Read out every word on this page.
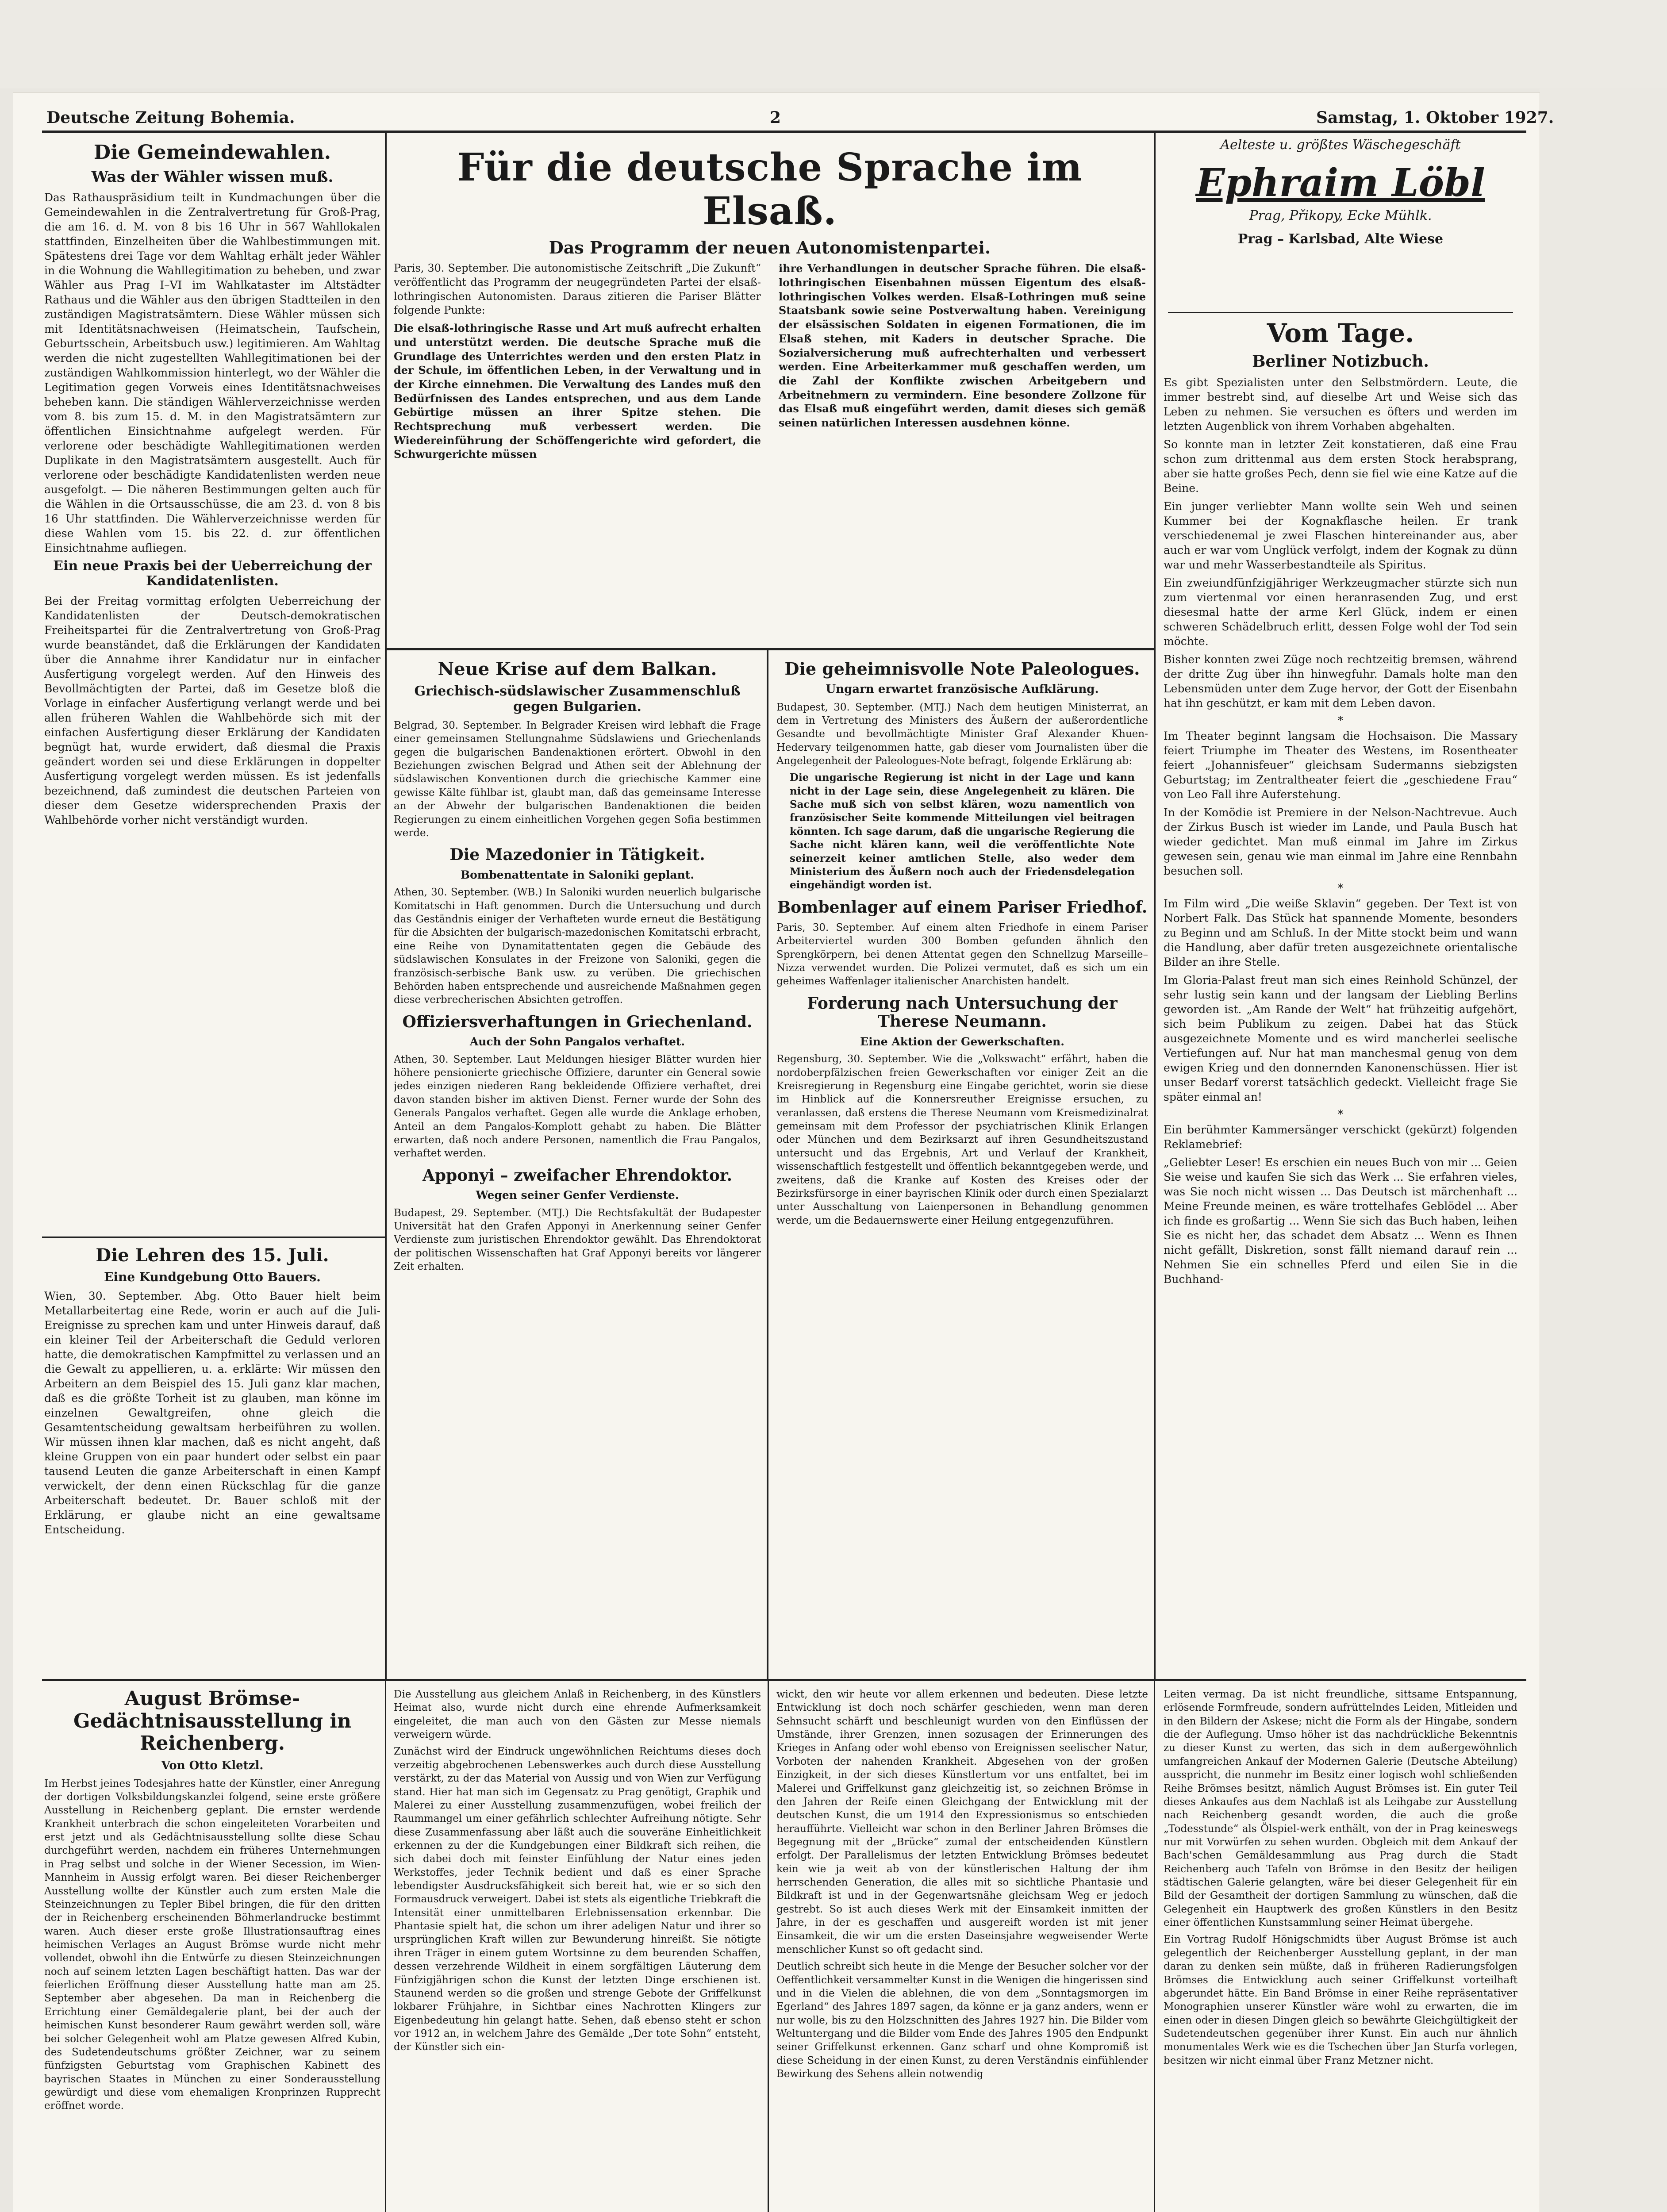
Deutsche Zeitung Bohemia.	2	Samstag, 1. Oktober 1927.
Die Gemeindewahlen.
Was der Wähler wissen muß.

Das Rathauspräsidium teilt in Kundmachungen über die Gemeindewahlen in die Zentralvertretung für Groß-Prag, die am 16. d. M. von 8 bis 16 Uhr in 567 Wahllokalen stattfinden, Einzelheiten über die Wahlbestimmungen mit. Spätestens drei Tage vor dem Wahltag erhält jeder Wähler in die Wohnung die Wahllegitimation zu beheben, und zwar Wähler aus Prag I–VI im Wahlkataster im Altstädter Rathaus und die Wähler aus den übrigen Stadtteilen in den zuständigen Magistratsämtern. Diese Wähler müssen sich mit Identitätsnachweisen (Heimatschein, Taufschein, Geburtsschein, Arbeitsbuch usw.) legitimieren. Am Wahltag werden die nicht zugestellten Wahllegitimationen bei der zuständigen Wahlkommission hinterlegt, wo der Wähler die Legitimation gegen Vorweis eines Identitätsnachweises beheben kann. Die ständigen Wählerverzeichnisse werden vom 8. bis zum 15. d. M. in den Magistratsämtern zur öffentlichen Einsichtnahme aufgelegt werden. Für verlorene oder beschädigte Wahllegitimationen werden Duplikate in den Magistratsämtern ausgestellt. Auch für verlorene oder beschädigte Kandidatenlisten werden neue ausgefolgt. — Die näheren Bestimmungen gelten auch für die Wählen in die Ortsausschüsse, die am 23. d. von 8 bis 16 Uhr stattfinden. Die Wählerverzeichnisse werden für diese Wahlen vom 15. bis 22. d. zur öffentlichen Einsichtnahme aufliegen.

Ein neue Praxis bei der Ueberreichung der Kandidatenlisten.

Bei der Freitag vormittag erfolgten Ueberreichung der Kandidatenlisten der Deutsch-demokratischen Freiheitspartei für die Zentralvertretung von Groß-Prag wurde beanständet, daß die Erklärungen der Kandidaten über die Annahme ihrer Kandidatur nur in einfacher Ausfertigung vorgelegt werden. Auf den Hinweis des Bevollmächtigten der Partei, daß im Gesetze bloß die Vorlage in einfacher Ausfertigung verlangt werde und bei allen früheren Wahlen die Wahlbehörde sich mit der einfachen Ausfertigung dieser Erklärung der Kandidaten begnügt hat, wurde erwidert, daß diesmal die Praxis geändert worden sei und diese Erklärungen in doppelter Ausfertigung vorgelegt werden müssen. Es ist jedenfalls bezeichnend, daß zumindest die deutschen Parteien von dieser dem Gesetze widersprechenden Praxis der Wahlbehörde vorher nicht verständigt wurden.

Die Lehren des 15. Juli.
Eine Kundgebung Otto Bauers.

Wien, 30. September. Abg. Otto Bauer hielt beim Metallarbeitertag eine Rede, worin er auch auf die Juli-Ereignisse zu sprechen kam und unter Hinweis darauf, daß ein kleiner Teil der Arbeiterschaft die Geduld verloren hatte, die demokratischen Kampfmittel zu verlassen und an die Gewalt zu appellieren, u. a. erklärte: Wir müssen den Arbeitern an dem Beispiel des 15. Juli ganz klar machen, daß es die größte Torheit ist zu glauben, man könne im einzelnen Gewaltgreifen, ohne gleich die Gesamtentscheidung gewaltsam herbeiführen zu wollen. Wir müssen ihnen klar machen, daß es nicht angeht, daß kleine Gruppen von ein paar hundert oder selbst ein paar tausend Leuten die ganze Arbeiterschaft in einen Kampf verwickelt, der denn einen Rückschlag für die ganze Arbeiterschaft bedeutet. Dr. Bauer schloß mit der Erklärung, er glaube nicht an eine gewaltsame Entscheidung.

Für die deutsche Sprache im Elsaß.
Das Programm der neuen Autonomistenpartei.

Paris, 30. September. Die autonomistische Zeitschrift „Die Zukunft“ veröffentlicht das Programm der neugegründeten Partei der elsaß-lothringischen Autonomisten. Daraus zitieren die Pariser Blätter folgende Punkte:

Die elsaß-lothringische Rasse und Art muß aufrecht erhalten und unterstützt werden. Die deutsche Sprache muß die Grundlage des Unterrichtes werden und den ersten Platz in der Schule, im öffentlichen Leben, in der Verwaltung und in der Kirche einnehmen. Die Verwaltung des Landes muß den Bedürfnissen des Landes entsprechen, und aus dem Lande Gebürtige müssen an ihrer Spitze stehen. Die Rechtsprechung muß verbessert werden. Die Wiedereinführung der Schöffengerichte wird gefordert, die Schwurgerichte müssen

ihre Verhandlungen in deutscher Sprache führen. Die elsaß-lothringischen Eisenbahnen müssen Eigentum des elsaß-lothringischen Volkes werden. Elsaß-Lothringen muß seine Staatsbank sowie seine Postverwaltung haben. Vereinigung der elsässischen Soldaten in eigenen Formationen, die im Elsaß stehen, mit Kaders in deutscher Sprache. Die Sozialversicherung muß aufrechterhalten und verbessert werden. Eine Arbeiterkammer muß geschaffen werden, um die Zahl der Konflikte zwischen Arbeitgebern und Arbeitnehmern zu vermindern. Eine besondere Zollzone für das Elsaß muß eingeführt werden, damit dieses sich gemäß seinen natürlichen Interessen ausdehnen könne.

Neue Krise auf dem Balkan.
Griechisch-südslawischer Zusammenschluß gegen Bulgarien.

Belgrad, 30. September. In Belgrader Kreisen wird lebhaft die Frage einer gemeinsamen Stellungnahme Südslawiens und Griechenlands gegen die bulgarischen Bandenaktionen erörtert. Obwohl in den Beziehungen zwischen Belgrad und Athen seit der Ablehnung der südslawischen Konventionen durch die griechische Kammer eine gewisse Kälte fühlbar ist, glaubt man, daß das gemeinsame Interesse an der Abwehr der bulgarischen Bandenaktionen die beiden Regierungen zu einem einheitlichen Vorgehen gegen Sofia bestimmen werde.

Die Mazedonier in Tätigkeit.
Bombenattentate in Saloniki geplant.

Athen, 30. September. (WB.) In Saloniki wurden neuerlich bulgarische Komitatschi in Haft genommen. Durch die Untersuchung und durch das Geständnis einiger der Verhafteten wurde erneut die Bestätigung für die Absichten der bulgarisch-mazedonischen Komitatschi erbracht, eine Reihe von Dynamitattentaten gegen die Gebäude des südslawischen Konsulates in der Freizone von Saloniki, gegen die französisch-serbische Bank usw. zu verüben. Die griechischen Behörden haben entsprechende und ausreichende Maßnahmen gegen diese verbrecherischen Absichten getroffen.

Offiziersverhaftungen in Griechenland.
Auch der Sohn Pangalos verhaftet.

Athen, 30. September. Laut Meldungen hiesiger Blätter wurden hier höhere pensionierte griechische Offiziere, darunter ein General sowie jedes einzigen niederen Rang bekleidende Offiziere verhaftet, drei davon standen bisher im aktiven Dienst. Ferner wurde der Sohn des Generals Pangalos verhaftet. Gegen alle wurde die Anklage erhoben, Anteil an dem Pangalos-Komplott gehabt zu haben. Die Blätter erwarten, daß noch andere Personen, namentlich die Frau Pangalos, verhaftet werden.

Apponyi – zweifacher Ehrendoktor.
Wegen seiner Genfer Verdienste.

Budapest, 29. September. (MTJ.) Die Rechtsfakultät der Budapester Universität hat den Grafen Apponyi in Anerkennung seiner Genfer Verdienste zum juristischen Ehrendoktor gewählt. Das Ehrendoktorat der politischen Wissenschaften hat Graf Apponyi bereits vor längerer Zeit erhalten.

Die geheimnisvolle Note Paleologues.
Ungarn erwartet französische Aufklärung.

Budapest, 30. September. (MTJ.) Nach dem heutigen Ministerrat, an dem in Vertretung des Ministers des Äußern der außerordentliche Gesandte und bevollmächtigte Minister Graf Alexander Khuen-Hedervary teilgenommen hatte, gab dieser vom Journalisten über die Angelegenheit der Paleologues-Note befragt, folgende Erklärung ab:

Die ungarische Regierung ist nicht in der Lage und kann nicht in der Lage sein, diese Angelegenheit zu klären. Die Sache muß sich von selbst klären, wozu namentlich von französischer Seite kommende Mitteilungen viel beitragen könnten. Ich sage darum, daß die ungarische Regierung die Sache nicht klären kann, weil die veröffentlichte Note seinerzeit keiner amtlichen Stelle, also weder dem Ministerium des Äußern noch auch der Friedensdelegation eingehändigt worden ist.

Bombenlager auf einem Pariser Friedhof.

Paris, 30. September. Auf einem alten Friedhofe in einem Pariser Arbeiterviertel wurden 300 Bomben gefunden ähnlich den Sprengkörpern, bei denen Attentat gegen den Schnellzug Marseille–Nizza verwendet wurden. Die Polizei vermutet, daß es sich um ein geheimes Waffenlager italienischer Anarchisten handelt.

Forderung nach Untersuchung der Therese Neumann.
Eine Aktion der Gewerkschaften.

Regensburg, 30. September. Wie die „Volkswacht“ erfährt, haben die nordoberpfälzischen freien Gewerkschaften vor einiger Zeit an die Kreisregierung in Regensburg eine Eingabe gerichtet, worin sie diese im Hinblick auf die Konnersreuther Ereignisse ersuchen, zu veranlassen, daß erstens die Therese Neumann vom Kreismedizinalrat gemeinsam mit dem Professor der psychiatrischen Klinik Erlangen oder München und dem Bezirksarzt auf ihren Gesundheitszustand untersucht und das Ergebnis, Art und Verlauf der Krankheit, wissenschaftlich festgestellt und öffentlich bekanntgegeben werde, und zweitens, daß die Kranke auf Kosten des Kreises oder der Bezirksfürsorge in einer bayrischen Klinik oder durch einen Spezialarzt unter Ausschaltung von Laienpersonen in Behandlung genommen werde, um die Bedauernswerte einer Heilung entgegenzuführen.

Aelteste u. größtes Wäschegeschäft
Ephraim Löbl
Prag, Přikopy, Ecke Mühlk.
Prag – Karlsbad, Alte Wiese
Vom Tage.
Berliner Notizbuch.

Es gibt Spezialisten unter den Selbstmördern. Leute, die immer bestrebt sind, auf dieselbe Art und Weise sich das Leben zu nehmen. Sie versuchen es öfters und werden im letzten Augenblick von ihrem Vorhaben abgehalten.

So konnte man in letzter Zeit konstatieren, daß eine Frau schon zum drittenmal aus dem ersten Stock herabsprang, aber sie hatte großes Pech, denn sie fiel wie eine Katze auf die Beine.

Ein junger verliebter Mann wollte sein Weh und seinen Kummer bei der Kognakflasche heilen. Er trank verschiedenemal je zwei Flaschen hintereinander aus, aber auch er war vom Unglück verfolgt, indem der Kognak zu dünn war und mehr Wasserbestandteile als Spiritus.

Ein zweiundfünfzigjähriger Werkzeugmacher stürzte sich nun zum viertenmal vor einen heranrasenden Zug, und erst diesesmal hatte der arme Kerl Glück, indem er einen schweren Schädelbruch erlitt, dessen Folge wohl der Tod sein möchte.

Bisher konnten zwei Züge noch rechtzeitig bremsen, während der dritte Zug über ihn hinwegfuhr. Damals holte man den Lebensmüden unter dem Zuge hervor, der Gott der Eisenbahn hat ihn geschützt, er kam mit dem Leben davon.

*

Im Theater beginnt langsam die Hochsaison. Die Massary feiert Triumphe im Theater des Westens, im Rosentheater feiert „Johannisfeuer“ gleichsam Sudermanns siebzigsten Geburtstag; im Zentraltheater feiert die „geschiedene Frau“ von Leo Fall ihre Auferstehung.

In der Komödie ist Premiere in der Nelson-Nachtrevue. Auch der Zirkus Busch ist wieder im Lande, und Paula Busch hat wieder gedichtet. Man muß einmal im Jahre im Zirkus gewesen sein, genau wie man einmal im Jahre eine Rennbahn besuchen soll.

*

Im Film wird „Die weiße Sklavin“ gegeben. Der Text ist von Norbert Falk. Das Stück hat spannende Momente, besonders zu Beginn und am Schluß. In der Mitte stockt beim und wann die Handlung, aber dafür treten ausgezeichnete orientalische Bilder an ihre Stelle.

Im Gloria-Palast freut man sich eines Reinhold Schünzel, der sehr lustig sein kann und der langsam der Liebling Berlins geworden ist. „Am Rande der Welt“ hat frühzeitig aufgehört, sich beim Publikum zu zeigen. Dabei hat das Stück ausgezeichnete Momente und es wird mancherlei seelische Vertiefungen auf. Nur hat man manchesmal genug von dem ewigen Krieg und den donnernden Kanonenschüssen. Hier ist unser Bedarf vorerst tatsächlich gedeckt. Vielleicht frage Sie später einmal an!

*

Ein berühmter Kammersänger verschickt (gekürzt) folgenden Reklamebrief:

„Geliebter Leser! Es erschien ein neues Buch von mir ... Geien Sie weise und kaufen Sie sich das Werk ... Sie erfahren vieles, was Sie noch nicht wissen ... Das Deutsch ist märchenhaft ... Meine Freunde meinen, es wäre trottelhafes Geblödel ... Aber ich finde es großartig ... Wenn Sie sich das Buch haben, leihen Sie es nicht her, das schadet dem Absatz ... Wenn es Ihnen nicht gefällt, Diskretion, sonst fällt niemand darauf rein ... Nehmen Sie ein schnelles Pferd und eilen Sie in die Buchhand-

August Brömse-Gedächtnisausstellung in Reichenberg.
Von Otto Kletzl.

Im Herbst jeines Todesjahres hatte der Künstler, einer Anregung der dortigen Volksbildungskanzlei folgend, seine erste größere Ausstellung in Reichenberg geplant. Die ernster werdende Krankheit unterbrach die schon eingeleiteten Vorarbeiten und erst jetzt und als Gedächtnisausstellung sollte diese Schau durchgeführt werden, nachdem ein früheres Unternehmungen in Prag selbst und solche in der Wiener Secession, im Wien-Mannheim in Aussig erfolgt waren. Bei dieser Reichenberger Ausstellung wollte der Künstler auch zum ersten Male die Steinzeichnungen zu Tepler Bibel bringen, die für den dritten der in Reichenberg erscheinenden Böhmerlandrucke bestimmt waren. Auch dieser erste große Illustrationsauftrag eines heimischen Verlages an August Brömse wurde nicht mehr vollendet, obwohl ihn die Entwürfe zu diesen Steinzeichnungen noch auf seinem letzten Lagen beschäftigt hatten. Das war der feierlichen Eröffnung dieser Ausstellung hatte man am 25. September aber abgesehen. Da man in Reichenberg die Errichtung einer Gemäldegalerie plant, bei der auch der heimischen Kunst besonderer Raum gewährt werden soll, wäre bei solcher Gelegenheit wohl am Platze gewesen Alfred Kubin, des Sudetendeutschums größter Zeichner, war zu seinem fünfzigsten Geburtstag vom Graphischen Kabinett des bayrischen Staates in München zu einer Sonderausstellung gewürdigt und diese vom ehemaligen Kronprinzen Rupprecht eröffnet worde.

Die Ausstellung aus gleichem Anlaß in Reichenberg, in des Künstlers Heimat also, wurde nicht durch eine ehrende Aufmerksamkeit eingeleitet, die man auch von den Gästen zur Messe niemals verweigern würde.

Zunächst wird der Eindruck ungewöhnlichen Reichtums dieses doch verzeitig abgebrochenen Lebenswerkes auch durch diese Ausstellung verstärkt, zu der das Material von Aussig und von Wien zur Verfügung stand. Hier hat man sich im Gegensatz zu Prag genötigt, Graphik und Malerei zu einer Ausstellung zusammenzufügen, wobei freilich der Raummangel um einer gefährlich schlechter Aufreihung nötigte. Sehr diese Zusammenfassung aber läßt auch die souveräne Einheitlichkeit erkennen zu der die Kundgebungen einer Bildkraft sich reihen, die sich dabei doch mit feinster Einfühlung der Natur eines jeden Werkstoffes, jeder Technik bedient und daß es einer Sprache lebendigster Ausdrucksfähigkeit sich bereit hat, wie er so sich den Formausdruck verweigert. Dabei ist stets als eigentliche Triebkraft die Intensität einer unmittelbaren Erlebnissensation erkennbar. Die Phantasie spielt hat, die schon um ihrer adeligen Natur und ihrer so ursprünglichen Kraft willen zur Bewunderung hinreißt. Sie nötigte ihren Träger in einem gutem Wortsinne zu dem beurenden Schaffen, dessen verzehrende Wildheit in einem sorgfältigen Läuterung dem Fünfzigjährigen schon die Kunst der letzten Dinge erschienen ist. Staunend werden so die großen und strenge Gebote der Griffelkunst lokbarer Frühjahre, in Sichtbar eines Nachrotten Klingers zur Eigenbedeutung hin gelangt hatte. Sehen, daß ebenso steht er schon vor 1912 an, in welchem Jahre des Gemälde „Der tote Sohn“ entsteht, der Künstler sich ein-

wickt, den wir heute vor allem erkennen und bedeuten. Diese letzte Entwicklung ist doch noch schärfer geschieden, wenn man deren Sehnsucht schärft und beschleunigt wurden von den Einflüssen der Umstände, ihrer Grenzen, innen sozusagen der Erinnerungen des Krieges in Anfang oder wohl ebenso von Ereignissen seelischer Natur, Vorboten der nahenden Krankheit. Abgesehen von der großen Einzigkeit, in der sich dieses Künstlertum vor uns entfaltet, bei im Malerei und Griffelkunst ganz gleichzeitig ist, so zeichnen Brömse in den Jahren der Reife einen Gleichgang der Entwicklung mit der deutschen Kunst, die um 1914 den Expressionismus so entschieden heraufführte. Vielleicht war schon in den Berliner Jahren Brömses die Begegnung mit der „Brücke“ zumal der entscheidenden Künstlern erfolgt. Der Parallelismus der letzten Entwicklung Brömses bedeutet kein wie ja weit ab von der künstlerischen Haltung der ihm herrschenden Generation, die alles mit so sichtliche Phantasie und Bildkraft ist und in der Gegenwartsnähe gleichsam Weg er jedoch gestrebt. So ist auch dieses Werk mit der Einsamkeit inmitten der Jahre, in der es geschaffen und ausgereift worden ist mit jener Einsamkeit, die wir um die ersten Daseinsjahre wegweisender Werte menschlicher Kunst so oft gedacht sind.

Deutlich schreibt sich heute in die Menge der Besucher solcher vor der Oeffentlichkeit versammelter Kunst in die Wenigen die hingerissen sind und in die Vielen die ablehnen, die von dem „Sonntagsmorgen im Egerland“ des Jahres 1897 sagen, da könne er ja ganz anders, wenn er nur wolle, bis zu den Holzschnitten des Jahres 1927 hin. Die Bilder vom Weltuntergang und die Bilder vom Ende des Jahres 1905 den Endpunkt seiner Griffelkunst erkennen. Ganz scharf und ohne Kompromiß ist diese Scheidung in der einen Kunst, zu deren Verständnis einfühlender Bewirkung des Sehens allein notwendig

Leiten vermag. Da ist nicht freundliche, sittsame Entspannung, erlösende Formfreude, sondern aufrüttelndes Leiden, Mitleiden und in den Bildern der Askese; nicht die Form als der Hingabe, sondern die der Auflegung. Umso höher ist das nachdrückliche Bekenntnis zu dieser Kunst zu werten, das sich in dem außergewöhnlich umfangreichen Ankauf der Modernen Galerie (Deutsche Abteilung) ausspricht, die nunmehr im Besitz einer logisch wohl schließenden Reihe Brömses besitzt, nämlich August Brömses ist. Ein guter Teil dieses Ankaufes aus dem Nachlaß ist als Leihgabe zur Ausstellung nach Reichenberg gesandt worden, die auch die große „Todesstunde“ als Ölspiel-werk enthält, von der in Prag keineswegs nur mit Vorwürfen zu sehen wurden. Obgleich mit dem Ankauf der Bach'schen Gemäldesammlung aus Prag durch die Stadt Reichenberg auch Tafeln von Brömse in den Besitz der heiligen städtischen Galerie gelangten, wäre bei dieser Gelegenheit für ein Bild der Gesamtheit der dortigen Sammlung zu wünschen, daß die Gelegenheit ein Hauptwerk des großen Künstlers in den Besitz einer öffentlichen Kunstsammlung seiner Heimat übergehe.

Ein Vortrag Rudolf Hönigschmidts über August Brömse ist auch gelegentlich der Reichenberger Ausstellung geplant, in der man daran zu denken sein müßte, daß in früheren Radierungsfolgen Brömses die Entwicklung auch seiner Griffelkunst vorteilhaft abgerundet hätte. Ein Band Brömse in einer Reihe repräsentativer Monographien unserer Künstler wäre wohl zu erwarten, die im einen oder in diesen Dingen gleich so bewährte Gleichgültigkeit der Sudetendeutschen gegenüber ihrer Kunst. Ein auch nur ähnlich monumentales Werk wie es die Tschechen über Jan Sturfa vorlegen, besitzen wir nicht einmal über Franz Metzner nicht.
